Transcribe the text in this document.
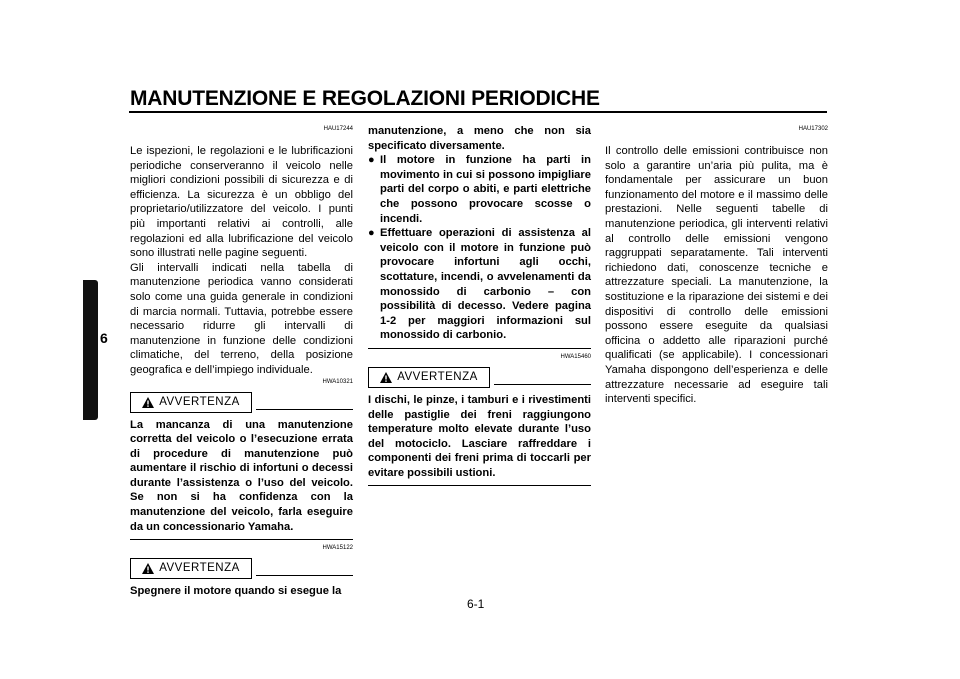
MANUTENZIONE E REGOLAZIONI PERIODICHE
6

HAU17244

Le ispezioni, le regolazioni e le lubrificazioni periodiche conserveranno il veicolo nelle migliori condizioni possibili di sicurezza e di efficienza. La sicurezza è un obbligo del proprietario/utilizzatore del veicolo. I punti più importanti relativi ai controlli, alle regolazioni ed alla lubrificazione del veicolo sono illustrati nelle pagine seguenti.

Gli intervalli indicati nella tabella di manutenzione periodica vanno considerati solo come una guida generale in condizioni di marcia normali. Tuttavia, potrebbe essere necessario ridurre gli intervalli di manutenzione in funzione delle condizioni climatiche, del terreno, della posizione geografica e dell’impiego individuale.

HWA10321

AVVERTENZA

La mancanza di una manutenzione corretta del veicolo o l’esecuzione errata di procedure di manutenzione può aumentare il rischio di infortuni o decessi durante l’assistenza o l’uso del veicolo. Se non si ha confidenza con la manutenzione del veicolo, farla eseguire da un concessionario Yamaha.

HWA15122

AVVERTENZA

Spegnere il motore quando si esegue la

manutenzione, a meno che non sia specificato diversamente.

● Il motore in funzione ha parti in movimento in cui si possono impigliare parti del corpo o abiti, e parti elettriche che possono provocare scosse o incendi.
● Effettuare operazioni di assistenza al veicolo con il motore in funzione può provocare infortuni agli occhi, scottature, incendi, o avvelenamenti da monossido di carbonio – con possibilità di decesso. Vedere pagina 1-2 per maggiori informazioni sul monossido di carbonio.

HWA15460

AVVERTENZA

I dischi, le pinze, i tamburi e i rivestimenti delle pastiglie dei freni raggiungono temperature molto elevate durante l’uso del motociclo. Lasciare raffreddare i componenti dei freni prima di toccarli per evitare possibili ustioni.

HAU17302

Il controllo delle emissioni contribuisce non solo a garantire un’aria più pulita, ma è fondamentale per assicurare un buon funzionamento del motore e il massimo delle prestazioni. Nelle seguenti tabelle di manutenzione periodica, gli interventi relativi al controllo delle emissioni vengono raggruppati separatamente. Tali interventi richiedono dati, conoscenze tecniche e attrezzature speciali. La manutenzione, la sostituzione e la riparazione dei sistemi e dei dispositivi di controllo delle emissioni possono essere eseguite da qualsiasi officina o addetto alle riparazioni purché qualificati (se applicabile). I concessionari Yamaha dispongono dell’esperienza e delle attrezzature necessarie ad eseguire tali interventi specifici.

6-1
